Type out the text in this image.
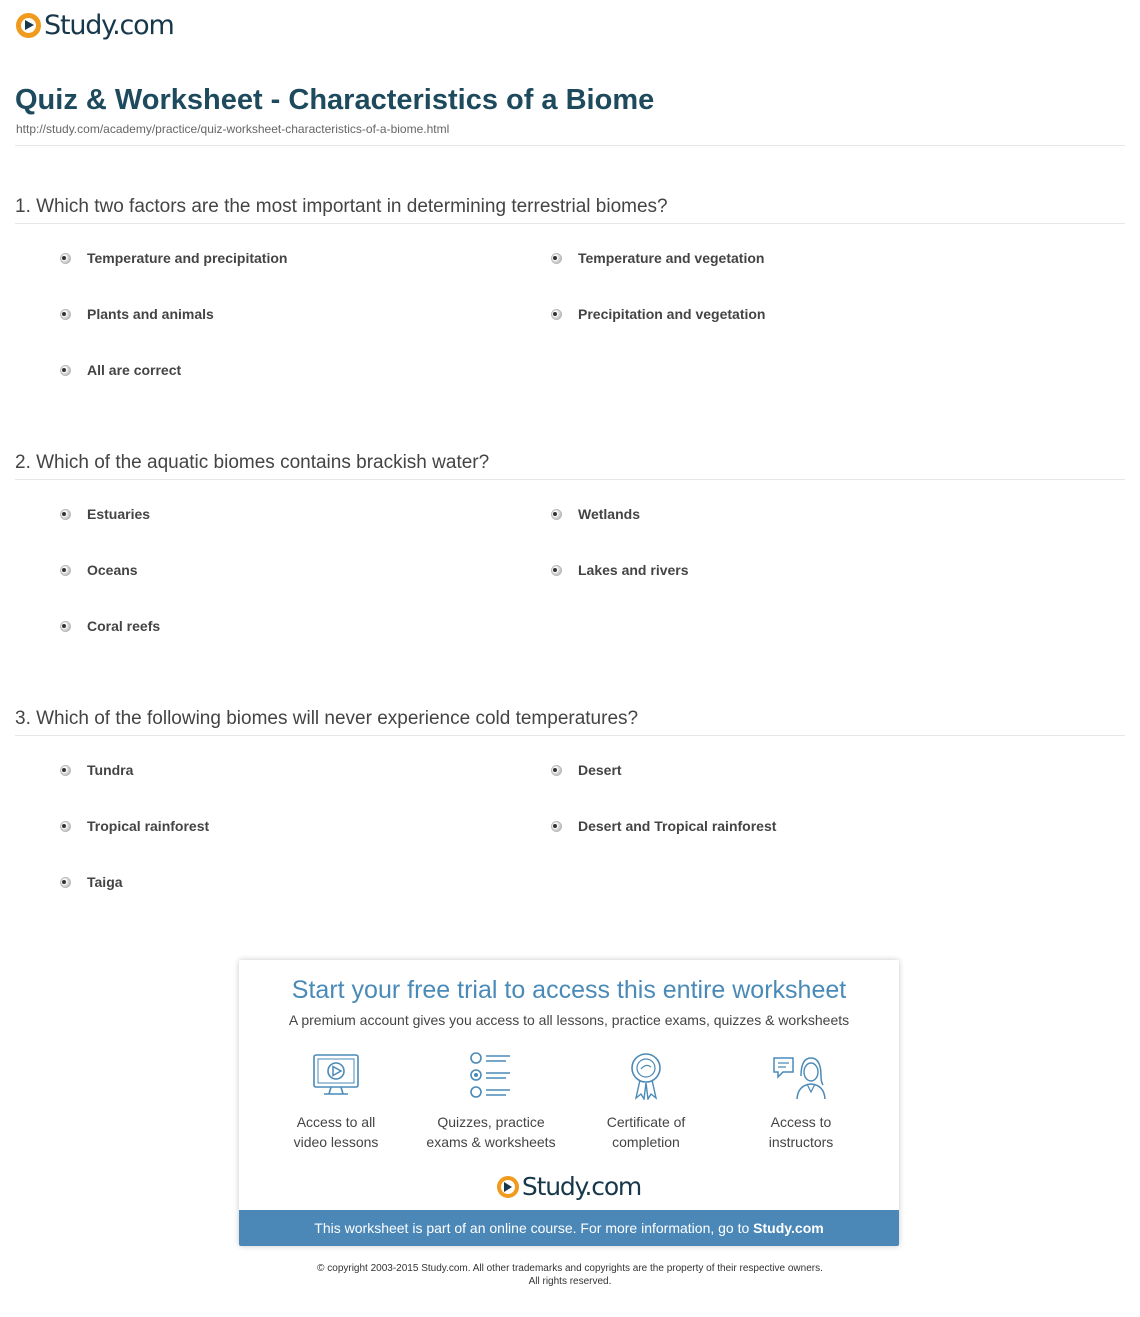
Study.com
Quiz & Worksheet - Characteristics of a Biome
http://study.com/academy/practice/quiz-worksheet-characteristics-of-a-biome.html
1. Which two factors are the most important in determining terrestrial biomes?
Temperature and precipitation	Temperature and vegetation
Plants and animals	Precipitation and vegetation
All are correct
2. Which of the aquatic biomes contains brackish water?
Estuaries	Wetlands
Oceans	Lakes and rivers
Coral reefs
3. Which of the following biomes will never experience cold temperatures?
Tundra	Desert
Tropical rainforest	Desert and Tropical rainforest
Taiga
Start your free trial to access this entire worksheet
A premium account gives you access to all lessons, practice exams, quizzes & worksheets
Access to all
video lessons
Quizzes, practice
exams & worksheets
Certificate of
completion
Access to
instructors
Study.com
This worksheet is part of an online course. For more information, go to Study.com
© copyright 2003-2015 Study.com. All other trademarks and copyrights are the property of their respective owners.
All rights reserved.
